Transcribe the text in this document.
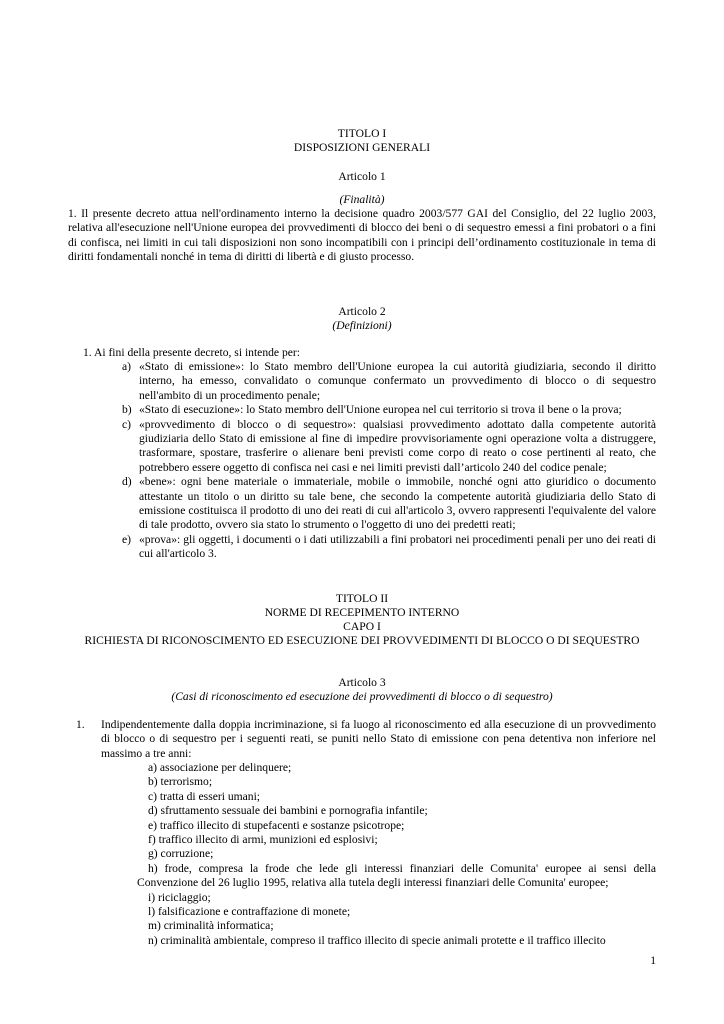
TITOLO I
DISPOSIZIONI GENERALI
Articolo 1
(Finalità)

1. Il presente decreto attua nell'ordinamento interno la decisione quadro 2003/577 GAI del Consiglio, del 22 luglio 2003, relativa all'esecuzione nell'Unione europea dei provvedimenti di blocco dei beni o di sequestro emessi a fini probatori o a fini di confisca, nei limiti in cui tali disposizioni non sono incompatibili con i principi dell’ordinamento costituzionale in tema di diritti fondamentali nonché in tema di diritti di libertà e di giusto processo.

Articolo 2
(Definizioni)
1. Ai fini della presente decreto, si intende per:
a) «Stato di emissione»: lo Stato membro dell'Unione europea la cui autorità giudiziaria, secondo il diritto interno, ha emesso, convalidato o comunque confermato un provvedimento di blocco o di sequestro nell'ambito di un procedimento penale;
b) «Stato di esecuzione»: lo Stato membro dell'Unione europea nel cui territorio si trova il bene o la prova;
c) «provvedimento di blocco o di sequestro»: qualsiasi provvedimento adottato dalla competente autorità giudiziaria dello Stato di emissione al fine di impedire provvisoriamente ogni operazione volta a distruggere, trasformare, spostare, trasferire o alienare beni previsti come corpo di reato o cose pertinenti al reato, che potrebbero essere oggetto di confisca nei casi e nei limiti previsti dall’articolo 240 del codice penale;
d) «bene»: ogni bene materiale o immateriale, mobile o immobile, nonché ogni atto giuridico o documento attestante un titolo o un diritto su tale bene, che secondo la competente autorità giudiziaria dello Stato di emissione costituisca il prodotto di uno dei reati di cui all'articolo 3, ovvero rappresenti l'equivalente del valore di tale prodotto, ovvero sia stato lo strumento o l'oggetto di uno dei predetti reati;
e) «prova»: gli oggetti, i documenti o i dati utilizzabili a fini probatori nei procedimenti penali per uno dei reati di cui all'articolo 3.
TITOLO II
NORME DI RECEPIMENTO INTERNO
CAPO I
RICHIESTA DI RICONOSCIMENTO ED ESECUZIONE DEI PROVVEDIMENTI DI BLOCCO O DI SEQUESTRO
Articolo 3
(Casi di riconoscimento ed esecuzione dei provvedimenti di blocco o di sequestro)
1. Indipendentemente dalla doppia incriminazione, si fa luogo al riconoscimento ed alla esecuzione di un provvedimento di blocco o di sequestro per i seguenti reati, se puniti nello Stato di emissione con pena detentiva non inferiore nel massimo a tre anni:

a) associazione per delinquere;
b) terrorismo;
c) tratta di esseri umani;
d) sfruttamento sessuale dei bambini e pornografia infantile;
e) traffico illecito di stupefacenti e sostanze psicotrope;
f) traffico illecito di armi, munizioni ed esplosivi;
g) corruzione;
h) frode, compresa la frode che lede gli interessi finanziari delle Comunita' europee ai sensi della Convenzione del 26 luglio 1995, relativa alla tutela degli interessi finanziari delle Comunita' europee;
i) riciclaggio;
l) falsificazione e contraffazione di monete;
m) criminalità informatica;
n) criminalità ambientale, compreso il traffico illecito di specie animali protette e il traffico illecito
1
